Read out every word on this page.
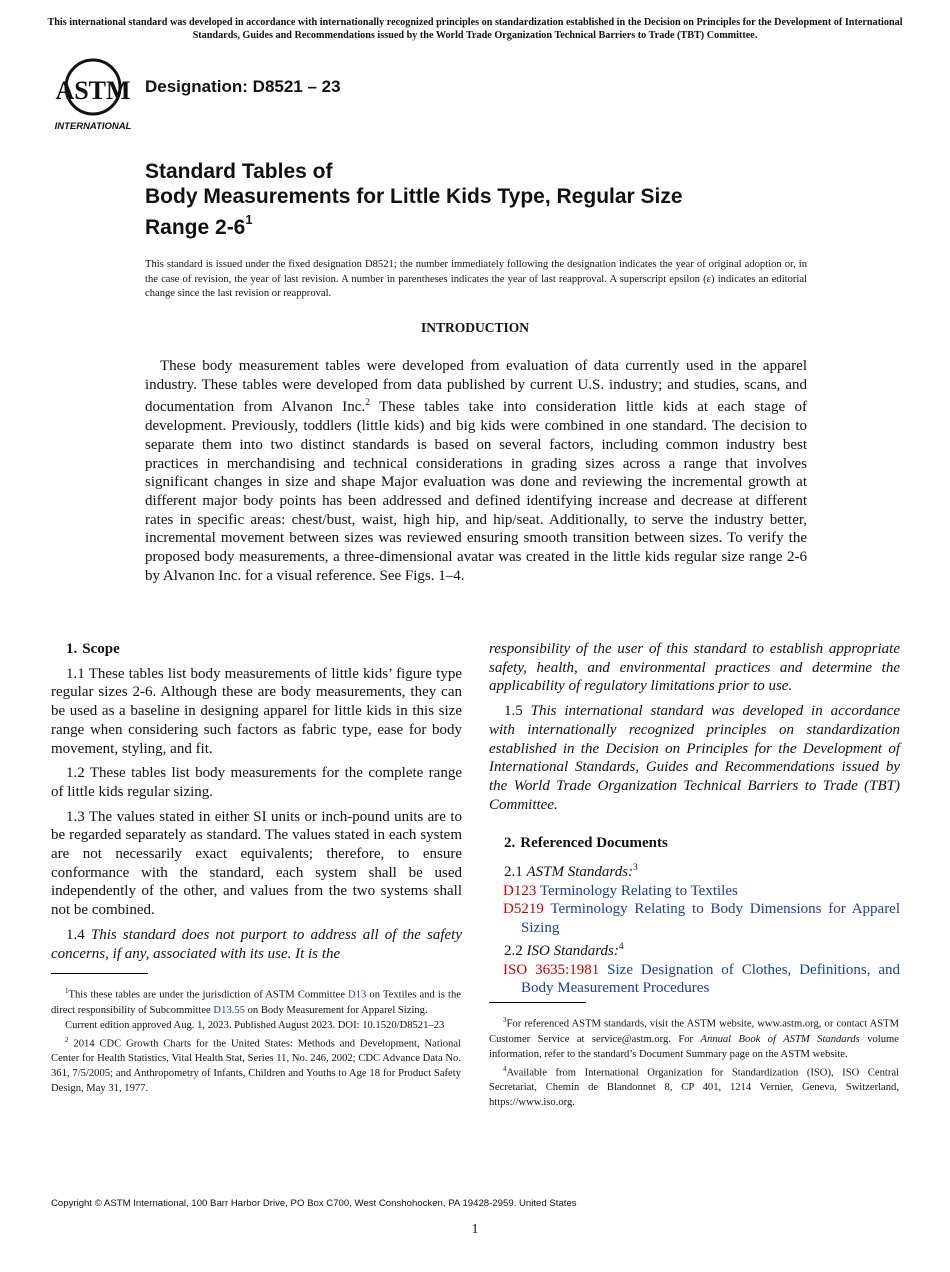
This international standard was developed in accordance with internationally recognized principles on standardization established in the Decision on Principles for the Development of International Standards, Guides and Recommendations issued by the World Trade Organization Technical Barriers to Trade (TBT) Committee.
ASTM
INTERNATIONAL
Designation: D8521 – 23
Standard Tables of
Body Measurements for Little Kids Type, Regular Size
Range $2-6^1$
This standard is issued under the fixed designation D8521; the number immediately following the designation indicates the year of original adoption or, in the case of revision, the year of last revision. A number in parentheses indicates the year of last reapproval. A superscript epsilon (ε) indicates an editorial change since the last revision or reapproval.
INTRODUCTION

These body measurement tables were developed from evaluation of data currently used in the apparel industry. These tables were developed from data published by current U.S. industry; and studies, scans, and documentation from Alvanon Inc.$^2$ These tables take into consideration little kids at each stage of development. Previously, toddlers (little kids) and big kids were combined in one standard. The decision to separate them into two distinct standards is based on several factors, including common industry best practices in merchandising and technical considerations in grading sizes across a range that involves significant changes in size and shape Major evaluation was done and reviewing the incremental growth at different major body points has been addressed and defined identifying increase and decrease at different rates in specific areas: chest/bust, waist, high hip, and hip/seat. Additionally, to serve the industry better, incremental movement between sizes was reviewed ensuring smooth transition between sizes. To verify the proposed body measurements, a three-dimensional avatar was created in the little kids regular size range 2-6 by Alvanon Inc. for a visual reference. See Figs. 1–4.

1. Scope

1.1 These tables list body measurements of little kids’ figure type regular sizes 2-6. Although these are body measurements, they can be used as a baseline in designing apparel for little kids in this size range when considering such factors as fabric type, ease for body movement, styling, and fit.

1.2 These tables list body measurements for the complete range of little kids regular sizing.

1.3 The values stated in either SI units or inch-pound units are to be regarded separately as standard. The values stated in each system are not necessarily exact equivalents; therefore, to ensure conformance with the standard, each system shall be used independently of the other, and values from the two systems shall not be combined.

1.4 This standard does not purport to address all of the safety concerns, if any, associated with its use. It is the

$^1$This these tables are under the jurisdiction of ASTM Committee D13 on Textiles and is the direct responsibility of Subcommittee D13.55 on Body Measurement for Apparel Sizing.

Current edition approved Aug. 1, 2023. Published August 2023. DOI: 10.1520/D8521–23

$^2$ 2014 CDC Growth Charts for the United States: Methods and Development, National Center for Health Statistics, Vital Health Stat, Series 11, No. 246, 2002; CDC Advance Data No. 361, 7/5/2005; and Anthropometry of Infants, Children and Youths to Age 18 for Product Safety Design, May 31, 1977.

responsibility of the user of this standard to establish appropriate safety, health, and environmental practices and determine the applicability of regulatory limitations prior to use.

1.5 This international standard was developed in accordance with internationally recognized principles on standardization established in the Decision on Principles for the Development of International Standards, Guides and Recommendations issued by the World Trade Organization Technical Barriers to Trade (TBT) Committee.

2. Referenced Documents

2.1 ASTM Standards:$^3$

D123 Terminology Relating to Textiles

D5219 Terminology Relating to Body Dimensions for Apparel Sizing

2.2 ISO Standards:$^4$

ISO 3635:1981 Size Designation of Clothes, Definitions, and Body Measurement Procedures

$^3$For referenced ASTM standards, visit the ASTM website, www.astm.org, or contact ASTM Customer Service at service@astm.org. For Annual Book of ASTM Standards volume information, refer to the standard’s Document Summary page on the ASTM website.

$^4$Available from International Organization for Standardization (ISO), ISO Central Secretariat, Chemin de Blandonnet 8, CP 401, 1214 Vernier, Geneva, Switzerland, https://www.iso.org.

Copyright © ASTM International, 100 Barr Harbor Drive, PO Box C700, West Conshohocken, PA 19428-2959. United States
1
